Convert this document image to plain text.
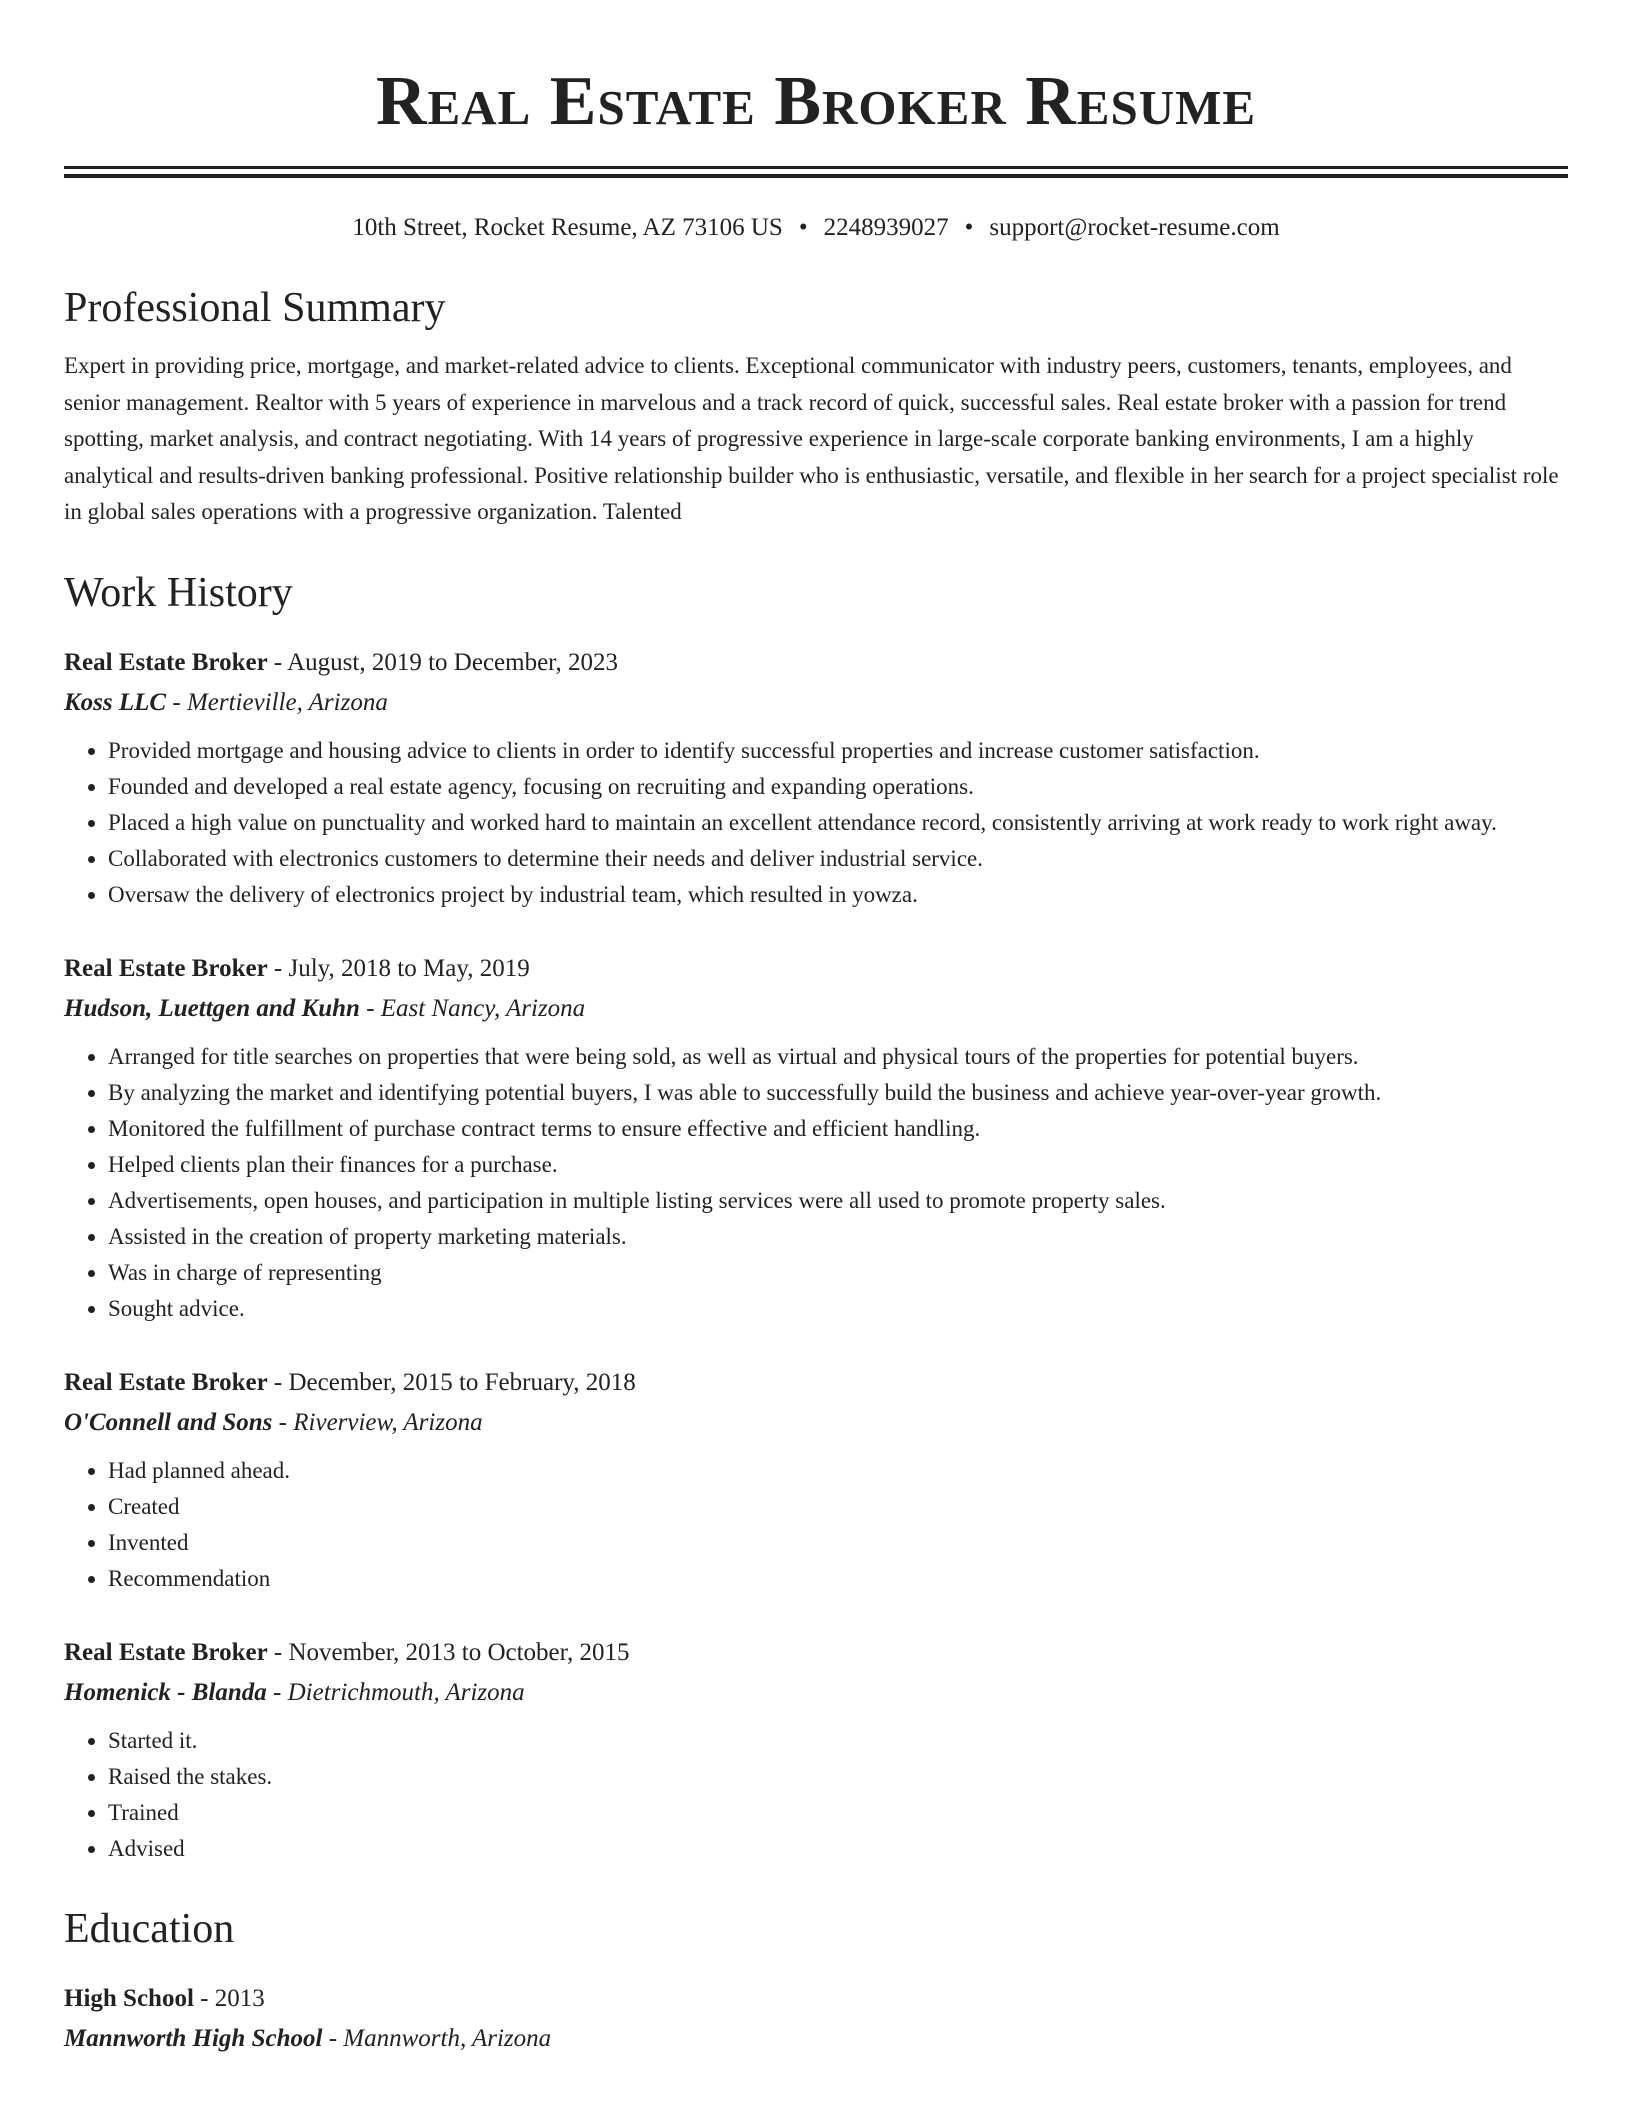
Real Estate Broker Resume
10th Street, Rocket Resume, AZ 73106 US • 2248939027 • support@rocket-resume.com
Professional Summary

Expert in providing price, mortgage, and market-related advice to clients. Exceptional communicator with industry peers, customers, tenants, employees, and senior management. Realtor with 5 years of experience in marvelous and a track record of quick, successful sales. Real estate broker with a passion for trend spotting, market analysis, and contract negotiating. With 14 years of progressive experience in large-scale corporate banking environments, I am a highly analytical and results-driven banking professional. Positive relationship builder who is enthusiastic, versatile, and flexible in her search for a project specialist role in global sales operations with a progressive organization. Talented

Work History
Real Estate Broker - August, 2019 to December, 2023
Koss LLC - Mertieville, Arizona
• Provided mortgage and housing advice to clients in order to identify successful properties and increase customer satisfaction.
• Founded and developed a real estate agency, focusing on recruiting and expanding operations.
• Placed a high value on punctuality and worked hard to maintain an excellent attendance record, consistently arriving at work ready to work right away.
• Collaborated with electronics customers to determine their needs and deliver industrial service.
• Oversaw the delivery of electronics project by industrial team, which resulted in yowza.
Real Estate Broker - July, 2018 to May, 2019
Hudson, Luettgen and Kuhn - East Nancy, Arizona
• Arranged for title searches on properties that were being sold, as well as virtual and physical tours of the properties for potential buyers.
• By analyzing the market and identifying potential buyers, I was able to successfully build the business and achieve year-over-year growth.
• Monitored the fulfillment of purchase contract terms to ensure effective and efficient handling.
• Helped clients plan their finances for a purchase.
• Advertisements, open houses, and participation in multiple listing services were all used to promote property sales.
• Assisted in the creation of property marketing materials.
• Was in charge of representing
• Sought advice.
Real Estate Broker - December, 2015 to February, 2018
O'Connell and Sons - Riverview, Arizona
• Had planned ahead.
• Created
• Invented
• Recommendation
Real Estate Broker - November, 2013 to October, 2015
Homenick - Blanda - Dietrichmouth, Arizona
• Started it.
• Raised the stakes.
• Trained
• Advised
Education
High School - 2013
Mannworth High School - Mannworth, Arizona
